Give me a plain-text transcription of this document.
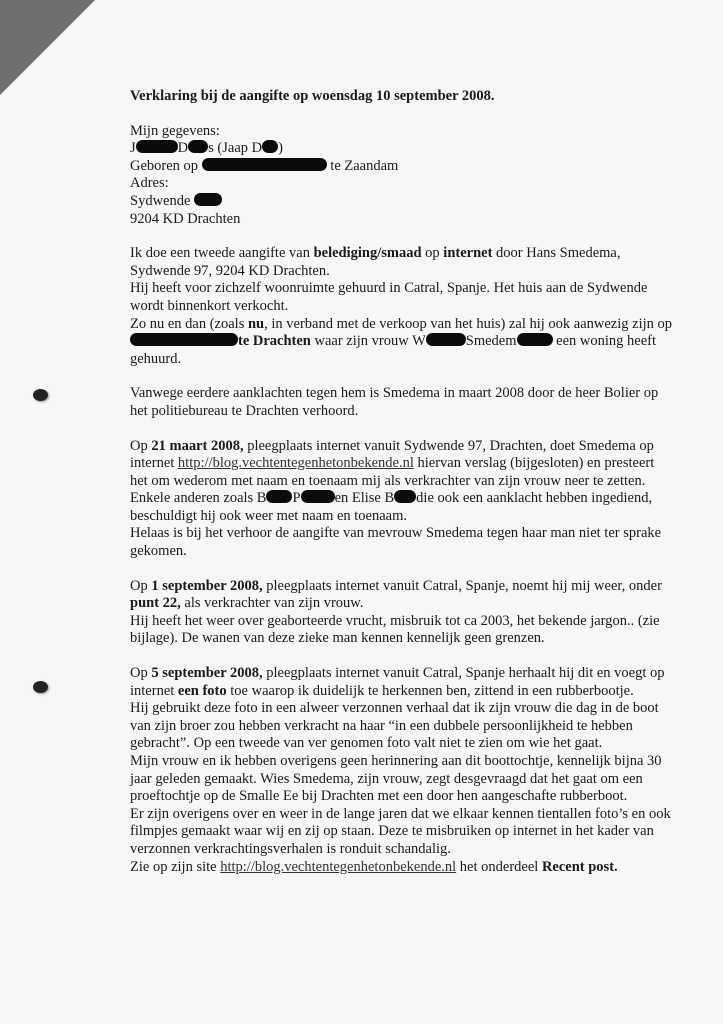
Verklaring bij de aangifte op woensdag 10 september 2008.

Mijn gegevens:

J	D s (Jaap D )

Geboren op	te Zaandam

Adres:

Sydwende

9204 KD Drachten

Ik doe een tweede aangifte van belediging/smaad op internet door Hans Smedema, Sydwende 97, 9204 KD Drachten.

Hij heeft voor zichzelf woonruimte gehuurd in Catral, Spanje. Het huis aan de Sydwende wordt binnenkort verkocht.

Zo nu en dan (zoals nu, in verband met de verkoop van het huis) zal hij ook aanwezig zijn opte Drachten waar zijn vrouw W	Smedem een woning heeft gehuurd.

Vanwege eerdere aanklachten tegen hem is Smedema in maart 2008 door de heer Bolier op het politiebureau te Drachten verhoord.

Op 21 maart 2008, pleegplaats internet vanuit Sydwende 97, Drachten, doet Smedema op internet http://blog.vechtentegenhetonbekende.nl hiervan verslag (bijgesloten) en presteert het om wederom met naam en toenaam mij als verkrachter van zijn vrouw neer te zetten. Enkele anderen zoals B P en Elise B die ook een aanklacht hebben ingediend, beschuldigt hij ook weer met naam en toenaam.

Helaas is bij het verhoor de aangifte van mevrouw Smedema tegen haar man niet ter sprake gekomen.

Op 1 september 2008, pleegplaats internet vanuit Catral, Spanje, noemt hij mij weer, onder punt 22, als verkrachter van zijn vrouw.

Hij heeft het weer over geaborteerde vrucht, misbruik tot ca 2003, het bekende jargon.. (zie bijlage). De wanen van deze zieke man kennen kennelijk geen grenzen.

Op 5 september 2008, pleegplaats internet vanuit Catral, Spanje herhaalt hij dit en voegt op internet een foto toe waarop ik duidelijk te herkennen ben, zittend in een rubberbootje.

Hij gebruikt deze foto in een alweer verzonnen verhaal dat ik zijn vrouw die dag in de boot van zijn broer zou hebben verkracht na haar “in een dubbele persoonlijkheid te hebben gebracht”. Op een tweede van ver genomen foto valt niet te zien om wie het gaat.

Mijn vrouw en ik hebben overigens geen herinnering aan dit boottochtje, kennelijk bijna 30 jaar geleden gemaakt. Wies Smedema, zijn vrouw, zegt desgevraagd dat het gaat om een proeftochtje op de Smalle Ee bij Drachten met een door hen aangeschafte rubberboot.

Er zijn overigens over en weer in de lange jaren dat we elkaar kennen tientallen foto’s en ook filmpjes gemaakt waar wij en zij op staan. Deze te misbruiken op internet in het kader van verzonnen verkrachtingsverhalen is ronduit schandalig.

Zie op zijn site http://blog.vechtentegenhetonbekende.nl het onderdeel Recent post.
